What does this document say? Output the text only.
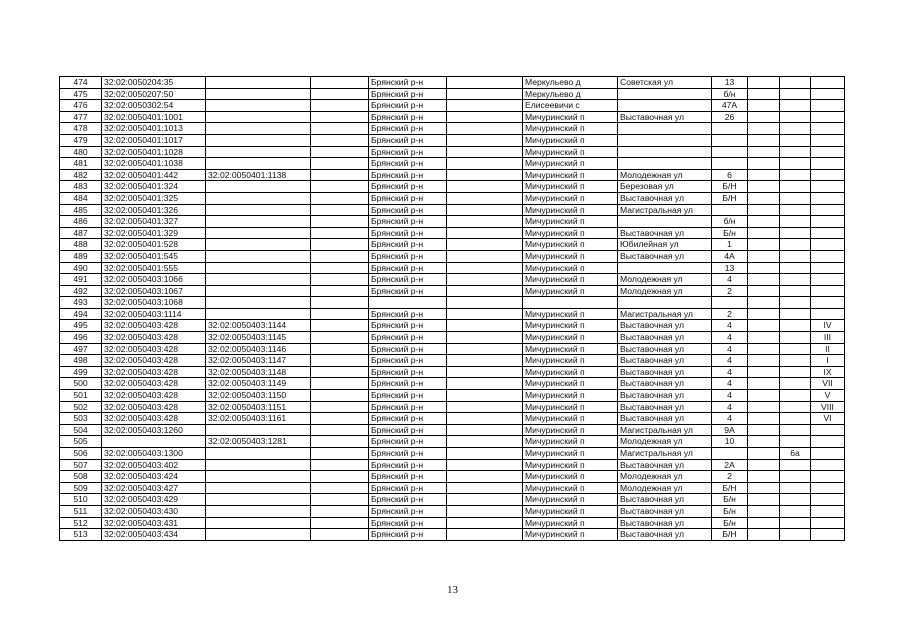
474	32:02:0050204:35			Брянский р-н		Меркульево д	Советская ул	13			
475	32:02:0050207:50			Брянский р-н		Меркульево д		б/н			
476	32:02:0050302:54			Брянский р-н		Елисеевичи с		47А			
477	32:02:0050401:1001			Брянский р-н		Мичуринский п	Выставочная ул	26			
478	32:02:0050401:1013			Брянский р-н		Мичуринский п					
479	32:02:0050401:1017			Брянский р-н		Мичуринский п					
480	32:02:0050401:1028			Брянский р-н		Мичуринский п					
481	32:02:0050401:1038			Брянский р-н		Мичуринский п					
482	32:02:0050401:442	32:02:0050401:1138		Брянский р-н		Мичуринский п	Молодежная ул	6			
483	32:02:0050401:324			Брянский р-н		Мичуринский п	Березовая ул	Б/Н			
484	32:02:0050401:325			Брянский р-н		Мичуринский п	Выставочная ул	Б/Н			
485	32:02:0050401:326			Брянский р-н		Мичуринский п	Магистральная ул				
486	32:02:0050401:327			Брянский р-н		Мичуринский п		б/н			
487	32:02:0050401:329			Брянский р-н		Мичуринский п	Выставочная ул	Б/н			
488	32:02:0050401:528			Брянский р-н		Мичуринский п	Юбилейная ул	1			
489	32:02:0050401:545			Брянский р-н		Мичуринский п	Выставочная ул	4А			
490	32:02:0050401:555			Брянский р-н		Мичуринский п		13			
491	32:02:0050403:1066			Брянский р-н		Мичуринский п	Молодежная ул	4			
492	32:02:0050403:1067			Брянский р-н		Мичуринский п	Молодежная ул	2			
493	32:02:0050403:1068										
494	32:02:0050403:1114			Брянский р-н		Мичуринский п	Магистральная ул	2			
495	32:02:0050403:428	32:02:0050403:1144		Брянский р-н		Мичуринский п	Выставочная ул	4			IV
496	32:02:0050403:428	32:02:0050403:1145		Брянский р-н		Мичуринский п	Выставочная ул	4			III
497	32:02:0050403:428	32:02:0050403:1146		Брянский р-н		Мичуринский п	Выставочная ул	4			II
498	32:02:0050403:428	32:02:0050403:1147		Брянский р-н		Мичуринский п	Выставочная ул	4			I
499	32:02:0050403:428	32:02:0050403:1148		Брянский р-н		Мичуринский п	Выставочная ул	4			IX
500	32:02:0050403:428	32:02:0050403:1149		Брянский р-н		Мичуринский п	Выставочная ул	4			VII
501	32:02:0050403:428	32:02:0050403:1150		Брянский р-н		Мичуринский п	Выставочная ул	4			V
502	32:02:0050403:428	32:02:0050403:1151		Брянский р-н		Мичуринский п	Выставочная ул	4			VIII
503	32:02:0050403:428	32:02:0050403:1161		Брянский р-н		Мичуринский п	Выставочная ул	4			VI
504	32:02:0050403:1260			Брянский р-н		Мичуринский п	Магистральная ул	9А			
505		32:02:0050403:1281		Брянский р-н		Мичуринский п	Молодежная ул	10			
506	32:02:0050403:1300			Брянский р-н		Мичуринский п	Магистральная ул			6а	
507	32:02:0050403:402			Брянский р-н		Мичуринский п	Выставочная ул	2А			
508	32:02:0050403:424			Брянский р-н		Мичуринский п	Молодежная ул	2			
509	32:02:0050403:427			Брянский р-н		Мичуринский п	Молодежная ул	Б/Н			
510	32:02:0050403:429			Брянский р-н		Мичуринский п	Выставочная ул	Б/н			
511	32:02:0050403:430			Брянский р-н		Мичуринский п	Выставочная ул	Б/н			
512	32:02:0050403:431			Брянский р-н		Мичуринский п	Выставочная ул	Б/н			
513	32:02:0050403:434			Брянский р-н		Мичуринский п	Выставочная ул	Б/Н			
13
